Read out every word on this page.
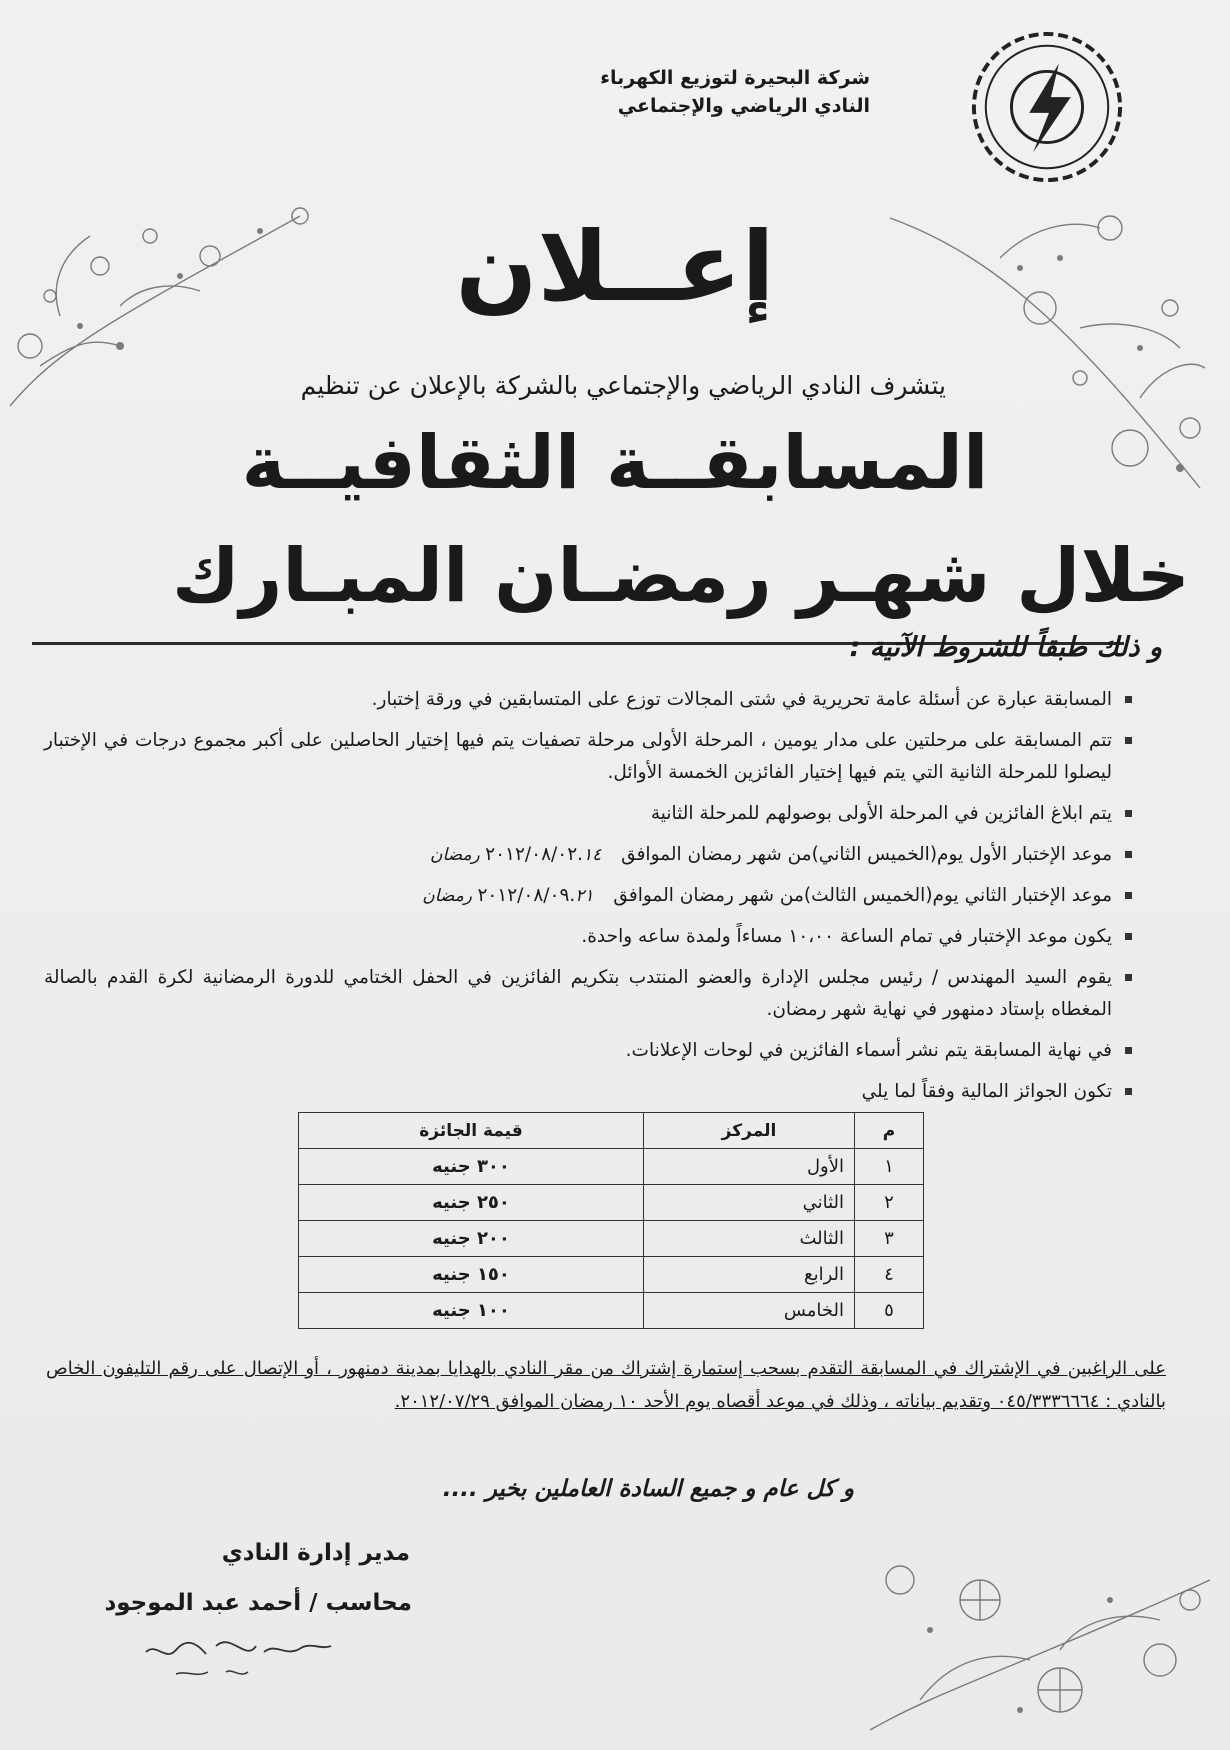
شركة البحيرة لتوزيع الكهرباء
النادي الرياضي والإجتماعي
إعــلان
يتشرف النادي الرياضي والإجتماعي بالشركة بالإعلان عن تنظيم
المسابقــة الثقافيــة
خلال شهـر رمضـان المبـارك
و ذلك طبقاً للشروط الآتية :
المسابقة عبارة عن أسئلة عامة تحريرية في شتى المجالات توزع على المتسابقين في ورقة إختبار.
تتم المسابقة على مرحلتين على مدار يومين ، المرحلة الأولى مرحلة تصفيات يتم فيها إختيار الحاصلين على أكبر مجموع درجات في الإختبار ليصلوا للمرحلة الثانية التي يتم فيها إختيار الفائزين الخمسة الأوائل.
يتم ابلاغ الفائزين في المرحلة الأولى بوصولهم للمرحلة الثانية
موعد الإختبار الأول يوم(الخميس الثاني)من شهر رمضان الموافق ٢٠١٢/٠٨/٠٢.١٤ رمضان
موعد الإختبار الثاني يوم(الخميس الثالث)من شهر رمضان الموافق ٢٠١٢/٠٨/٠٩.٢١ رمضان
يكون موعد الإختبار في تمام الساعة ١٠،٠٠ مساءاً ولمدة ساعه واحدة.
يقوم السيد المهندس / رئيس مجلس الإدارة والعضو المنتدب بتكريم الفائزين في الحفل الختامي للدورة الرمضانية لكرة القدم بالصالة المغطاه بإستاد دمنهور في نهاية شهر رمضان.
في نهاية المسابقة يتم نشر أسماء الفائزين في لوحات الإعلانات.
تكون الجوائز المالية وفقاً لما يلي
م	المركز	قيمة الجائزة
١	الأول	٣٠٠ جنيه
٢	الثاني	٢٥٠ جنيه
٣	الثالث	٢٠٠ جنيه
٤	الرابع	١٥٠ جنيه
٥	الخامس	١٠٠ جنيه
على الراغبين في الإشتراك في المسابقة التقدم بسحب إستمارة إشتراك من مقر النادي بالهدايا بمدينة دمنهور ، أو الإتصال على رقم التليفون الخاص بالنادي : ٠٤٥/٣٣٣٦٦٦٤ وتقديم بياناته ، وذلك في موعد أقصاه يوم الأحد ١٠ رمضان الموافق ٢٠١٢/٠٧/٢٩.
و كل عام و جميع السادة العاملين بخير ....
مدير إدارة النادي
محاسب / أحمد عبد الموجود
